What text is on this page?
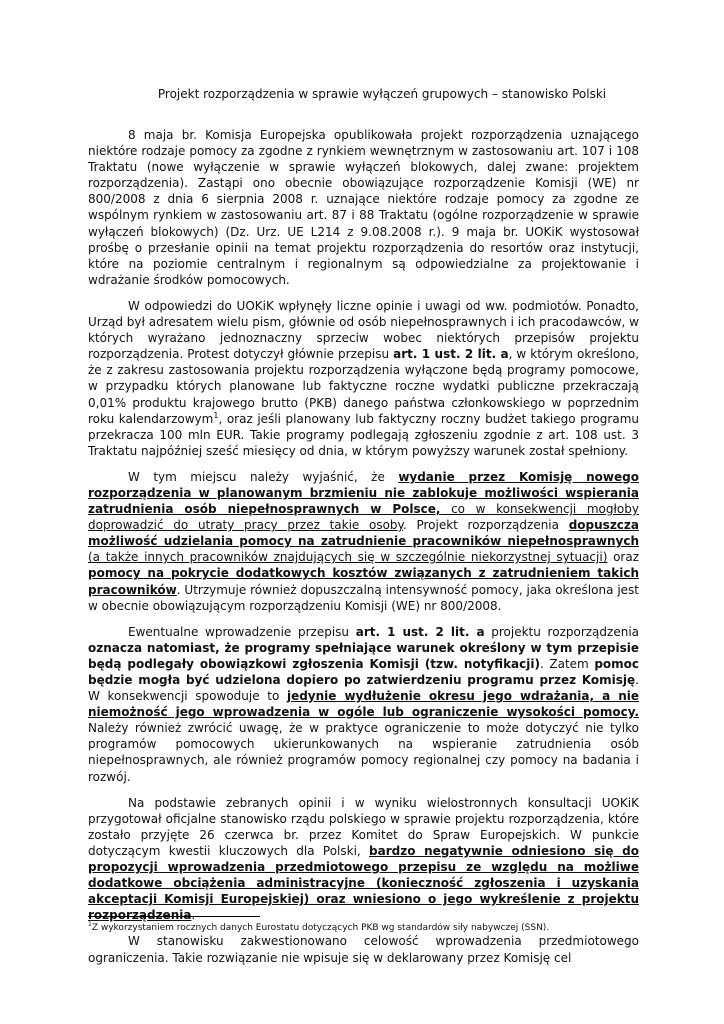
Projekt rozporządzenia w sprawie wyłączeń grupowych – stanowisko Polski

8 maja br. Komisja Europejska opublikowała projekt rozporządzenia uznającego niektóre rodzaje pomocy za zgodne z rynkiem wewnętrznym w zastosowaniu art. 107 i 108 Traktatu (nowe wyłączenie w sprawie wyłączeń blokowych, dalej zwane: projektem rozporządzenia). Zastąpi ono obecnie obowiązujące rozporządzenie Komisji (WE) nr 800/2008 z dnia 6 sierpnia 2008 r. uznające niektóre rodzaje pomocy za zgodne ze wspólnym rynkiem w zastosowaniu art. 87 i 88 Traktatu (ogólne rozporządzenie w sprawie wyłączeń blokowych) (Dz. Urz. UE L214 z 9.08.2008 r.). 9 maja br. UOKiK wystosował prośbę o przesłanie opinii na temat projektu rozporządzenia do resortów oraz instytucji, które na poziomie centralnym i regionalnym są odpowiedzialne za projektowanie i wdrażanie środków pomocowych.

W odpowiedzi do UOKiK wpłynęły liczne opinie i uwagi od ww. podmiotów. Ponadto, Urząd był adresatem wielu pism, głównie od osób niepełnosprawnych i ich pracodawców, w których wyrażano jednoznaczny sprzeciw wobec niektórych przepisów projektu rozporządzenia. Protest dotyczył głównie przepisu art. 1 ust. 2 lit. a, w którym określono, że z zakresu zastosowania projektu rozporządzenia wyłączone będą programy pomocowe, w przypadku których planowane lub faktyczne roczne wydatki publiczne przekraczają 0,01% produktu krajowego brutto (PKB) danego państwa członkowskiego w poprzednim roku kalendarzowym$^1$, oraz jeśli planowany lub faktyczny roczny budżet takiego programu przekracza 100 mln EUR. Takie programy podlegają zgłoszeniu zgodnie z art. 108 ust. 3 Traktatu najpóźniej sześć miesięcy od dnia, w którym powyższy warunek został spełniony.

W tym miejscu należy wyjaśnić, że wydanie przez Komisję nowego rozporządzenia w planowanym brzmieniu nie zablokuje możliwości wspierania zatrudnienia osób niepełnosprawnych w Polsce, co w konsekwencji mogłoby doprowadzić do utraty pracy przez takie osoby. Projekt rozporządzenia dopuszcza możliwość udzielania pomocy na zatrudnienie pracowników niepełnosprawnych (a także innych pracowników znajdujących się w szczególnie niekorzystnej sytuacji) oraz pomocy na pokrycie dodatkowych kosztów związanych z zatrudnieniem takich pracowników. Utrzymuje również dopuszczalną intensywność pomocy, jaka określona jest w obecnie obowiązującym rozporządzeniu Komisji (WE) nr 800/2008.

Ewentualne wprowadzenie przepisu art. 1 ust. 2 lit. a projektu rozporządzenia oznacza natomiast, że programy spełniające warunek określony w tym przepisie będą podlegały obowiązkowi zgłoszenia Komisji (tzw. notyfikacji). Zatem pomoc będzie mogła być udzielona dopiero po zatwierdzeniu programu przez Komisję. W konsekwencji spowoduje to jedynie wydłużenie okresu jego wdrażania, a nie niemożność jego wprowadzenia w ogóle lub ograniczenie wysokości pomocy. Należy również zwrócić uwagę, że w praktyce ograniczenie to może dotyczyć nie tylko programów pomocowych ukierunkowanych na wspieranie zatrudnienia osób niepełnosprawnych, ale również programów pomocy regionalnej czy pomocy na badania i rozwój.

Na podstawie zebranych opinii i w wyniku wielostronnych konsultacji UOKiK przygotował oficjalne stanowisko rządu polskiego w sprawie projektu rozporządzenia, które zostało przyjęte 26 czerwca br. przez Komitet do Spraw Europejskich. W punkcie dotyczącym kwestii kluczowych dla Polski, bardzo negatywnie odniesiono się do propozycji wprowadzenia przedmiotowego przepisu ze względu na możliwe dodatkowe obciążenia administracyjne (konieczność zgłoszenia i uzyskania akceptacji Komisji Europejskiej) oraz wniesiono o jego wykreślenie z projektu rozporządzenia.

W stanowisku zakwestionowano celowość wprowadzenia przedmiotowego ograniczenia. Takie rozwiązanie nie wpisuje się w deklarowany przez Komisję cel

$^1$Z wykorzystaniem rocznych danych Eurostatu dotyczących PKB wg standardów siły nabywczej (SSN).
